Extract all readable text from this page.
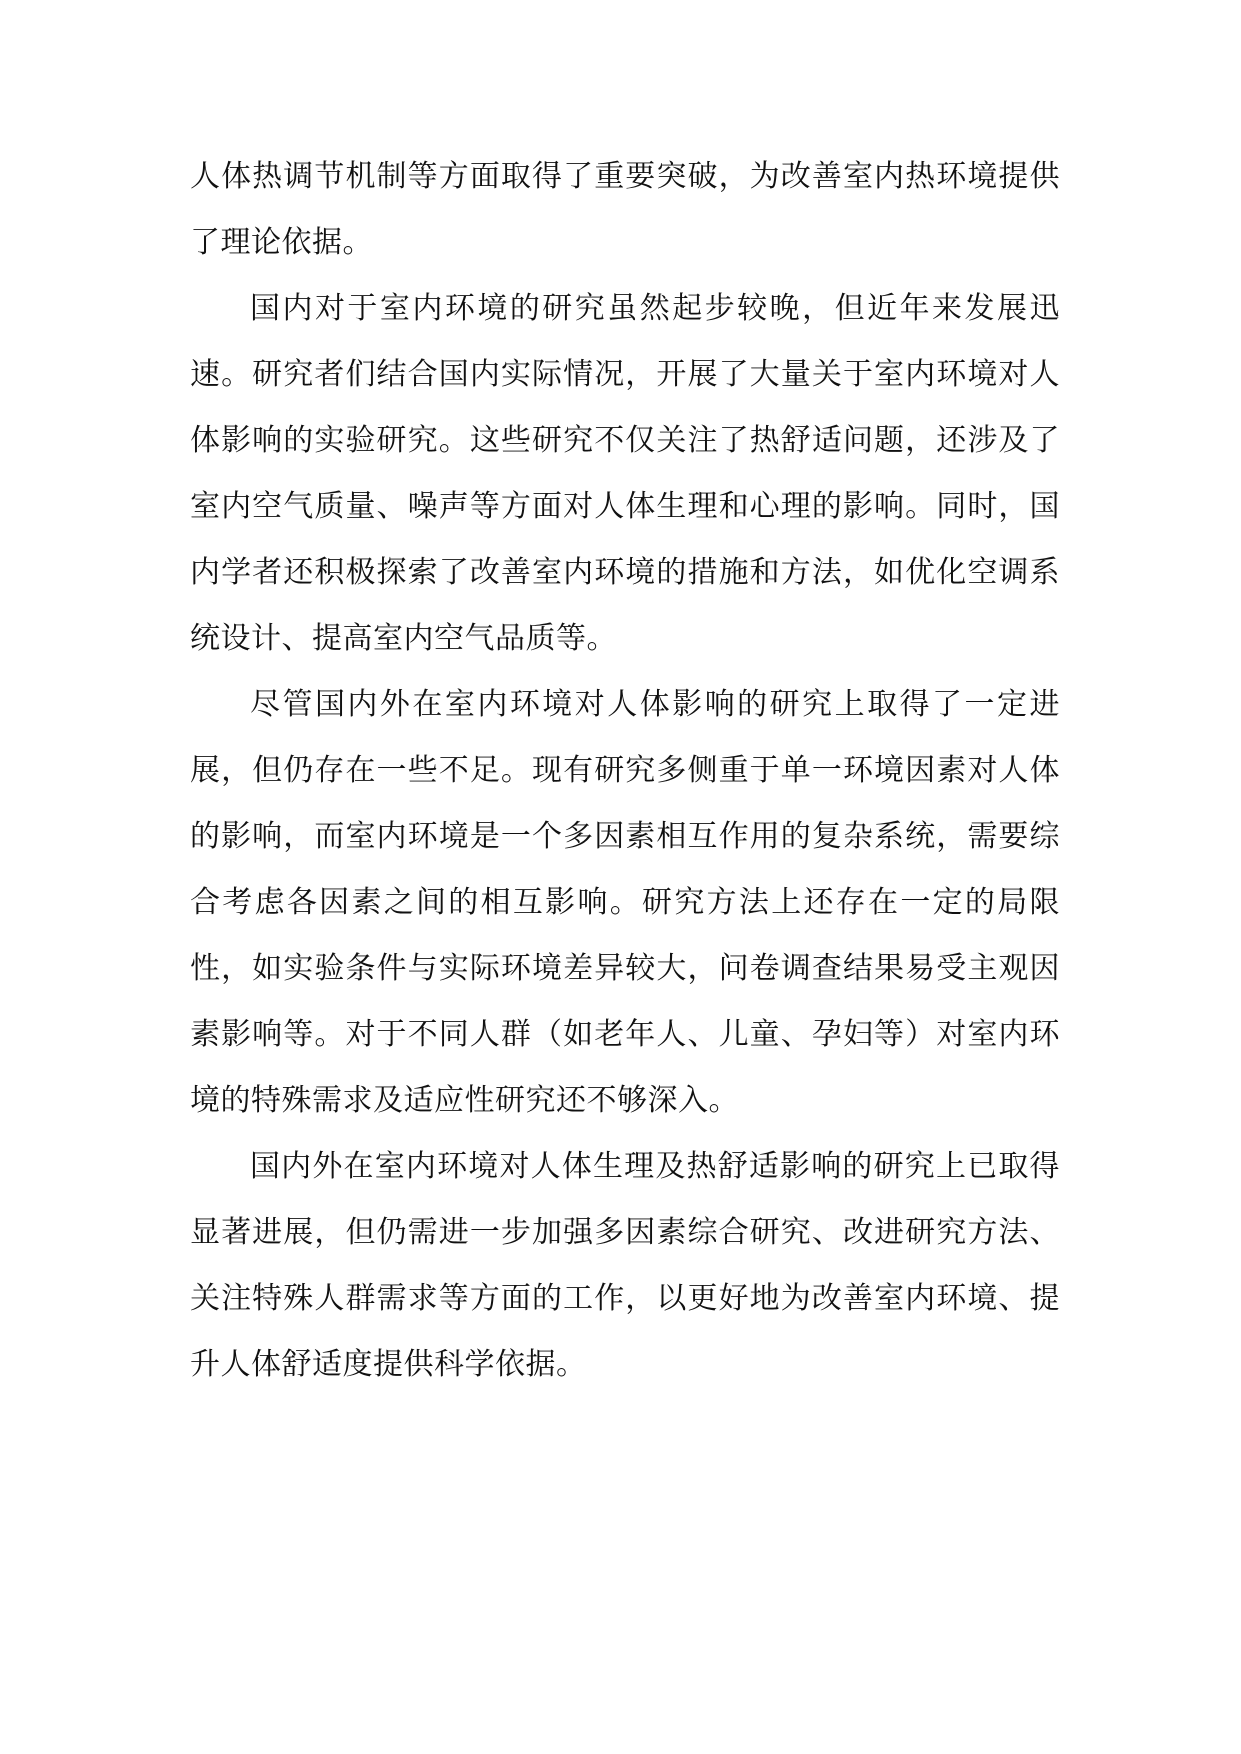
人体热调节机制等方面取得了重要突破，为改善室内热环境提供了理论依据。

国内对于室内环境的研究虽然起步较晚，但近年来发展迅速。研究者们结合国内实际情况，开展了大量关于室内环境对人体影响的实验研究。这些研究不仅关注了热舒适问题，还涉及了室内空气质量、噪声等方面对人体生理和心理的影响。同时，国内学者还积极探索了改善室内环境的措施和方法，如优化空调系统设计、提高室内空气品质等。

尽管国内外在室内环境对人体影响的研究上取得了一定进展，但仍存在一些不足。现有研究多侧重于单一环境因素对人体的影响，而室内环境是一个多因素相互作用的复杂系统，需要综合考虑各因素之间的相互影响。研究方法上还存在一定的局限性，如实验条件与实际环境差异较大，问卷调查结果易受主观因素影响等。对于不同人群（如老年人、儿童、孕妇等）对室内环境的特殊需求及适应性研究还不够深入。

国内外在室内环境对人体生理及热舒适影响的研究上已取得显著进展，但仍需进一步加强多因素综合研究、改进研究方法、关注特殊人群需求等方面的工作，以更好地为改善室内环境、提升人体舒适度提供科学依据。
